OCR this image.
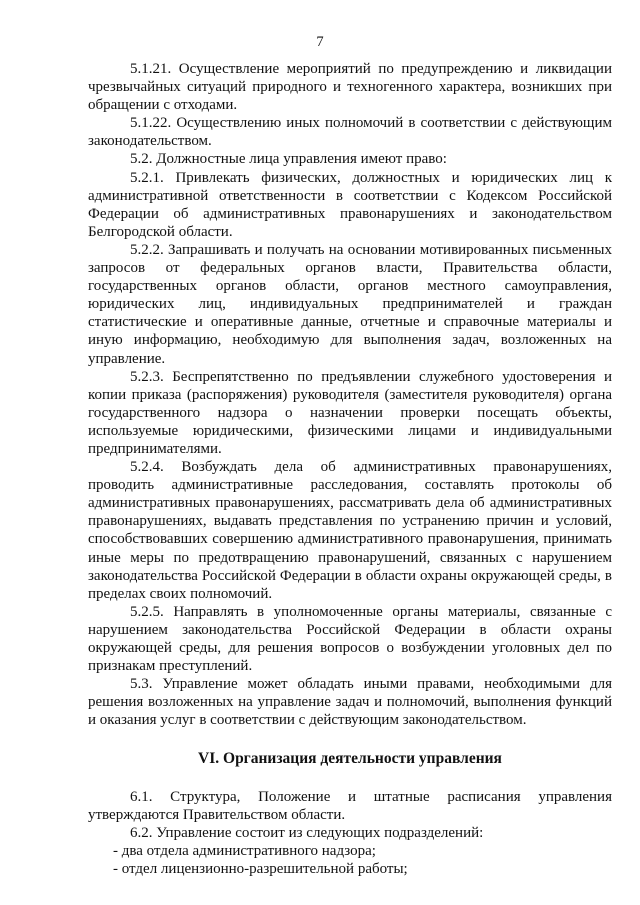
7

5.1.21. Осуществление мероприятий по предупреждению и ликвидации чрезвычайных ситуаций природного и техногенного характера, возникших при обращении с отходами.

5.1.22. Осуществлению иных полномочий в соответствии с действующим законодательством.

5.2. Должностные лица управления имеют право:

5.2.1. Привлекать физических, должностных и юридических лиц к административной ответственности в соответствии с Кодексом Российской Федерации об административных правонарушениях и законодательством Белгородской области.

5.2.2. Запрашивать и получать на основании мотивированных письменных запросов от федеральных органов власти, Правительства области, государственных органов области, органов местного самоуправления, юридических лиц, индивидуальных предпринимателей и граждан статистические и оперативные данные, отчетные и справочные материалы и иную информацию, необходимую для выполнения задач, возложенных на управление.

5.2.3. Беспрепятственно по предъявлении служебного удостоверения и копии приказа (распоряжения) руководителя (заместителя руководителя) органа государственного надзора о назначении проверки посещать объекты, используемые юридическими, физическими лицами и индивидуальными предпринимателями.

5.2.4. Возбуждать дела об административных правонарушениях, проводить административные расследования, составлять протоколы об административных правонарушениях, рассматривать дела об административных правонарушениях, выдавать представления по устранению причин и условий, способствовавших совершению административного правонарушения, принимать иные меры по предотвращению правонарушений, связанных с нарушением законодательства Российской Федерации в области охраны окружающей среды, в пределах своих полномочий.

5.2.5. Направлять в уполномоченные органы материалы, связанные с нарушением законодательства Российской Федерации в области охраны окружающей среды, для решения вопросов о возбуждении уголовных дел по признакам преступлений.

5.3. Управление может обладать иными правами, необходимыми для решения возложенных на управление задач и полномочий, выполнения функций и оказания услуг в соответствии с действующим законодательством.

VI. Организация деятельности управления

6.1. Структура, Положение и штатные расписания управления утверждаются Правительством области.

6.2. Управление состоит из следующих подразделений:

- два отдела административного надзора;

- отдел лицензионно-разрешительной работы;
